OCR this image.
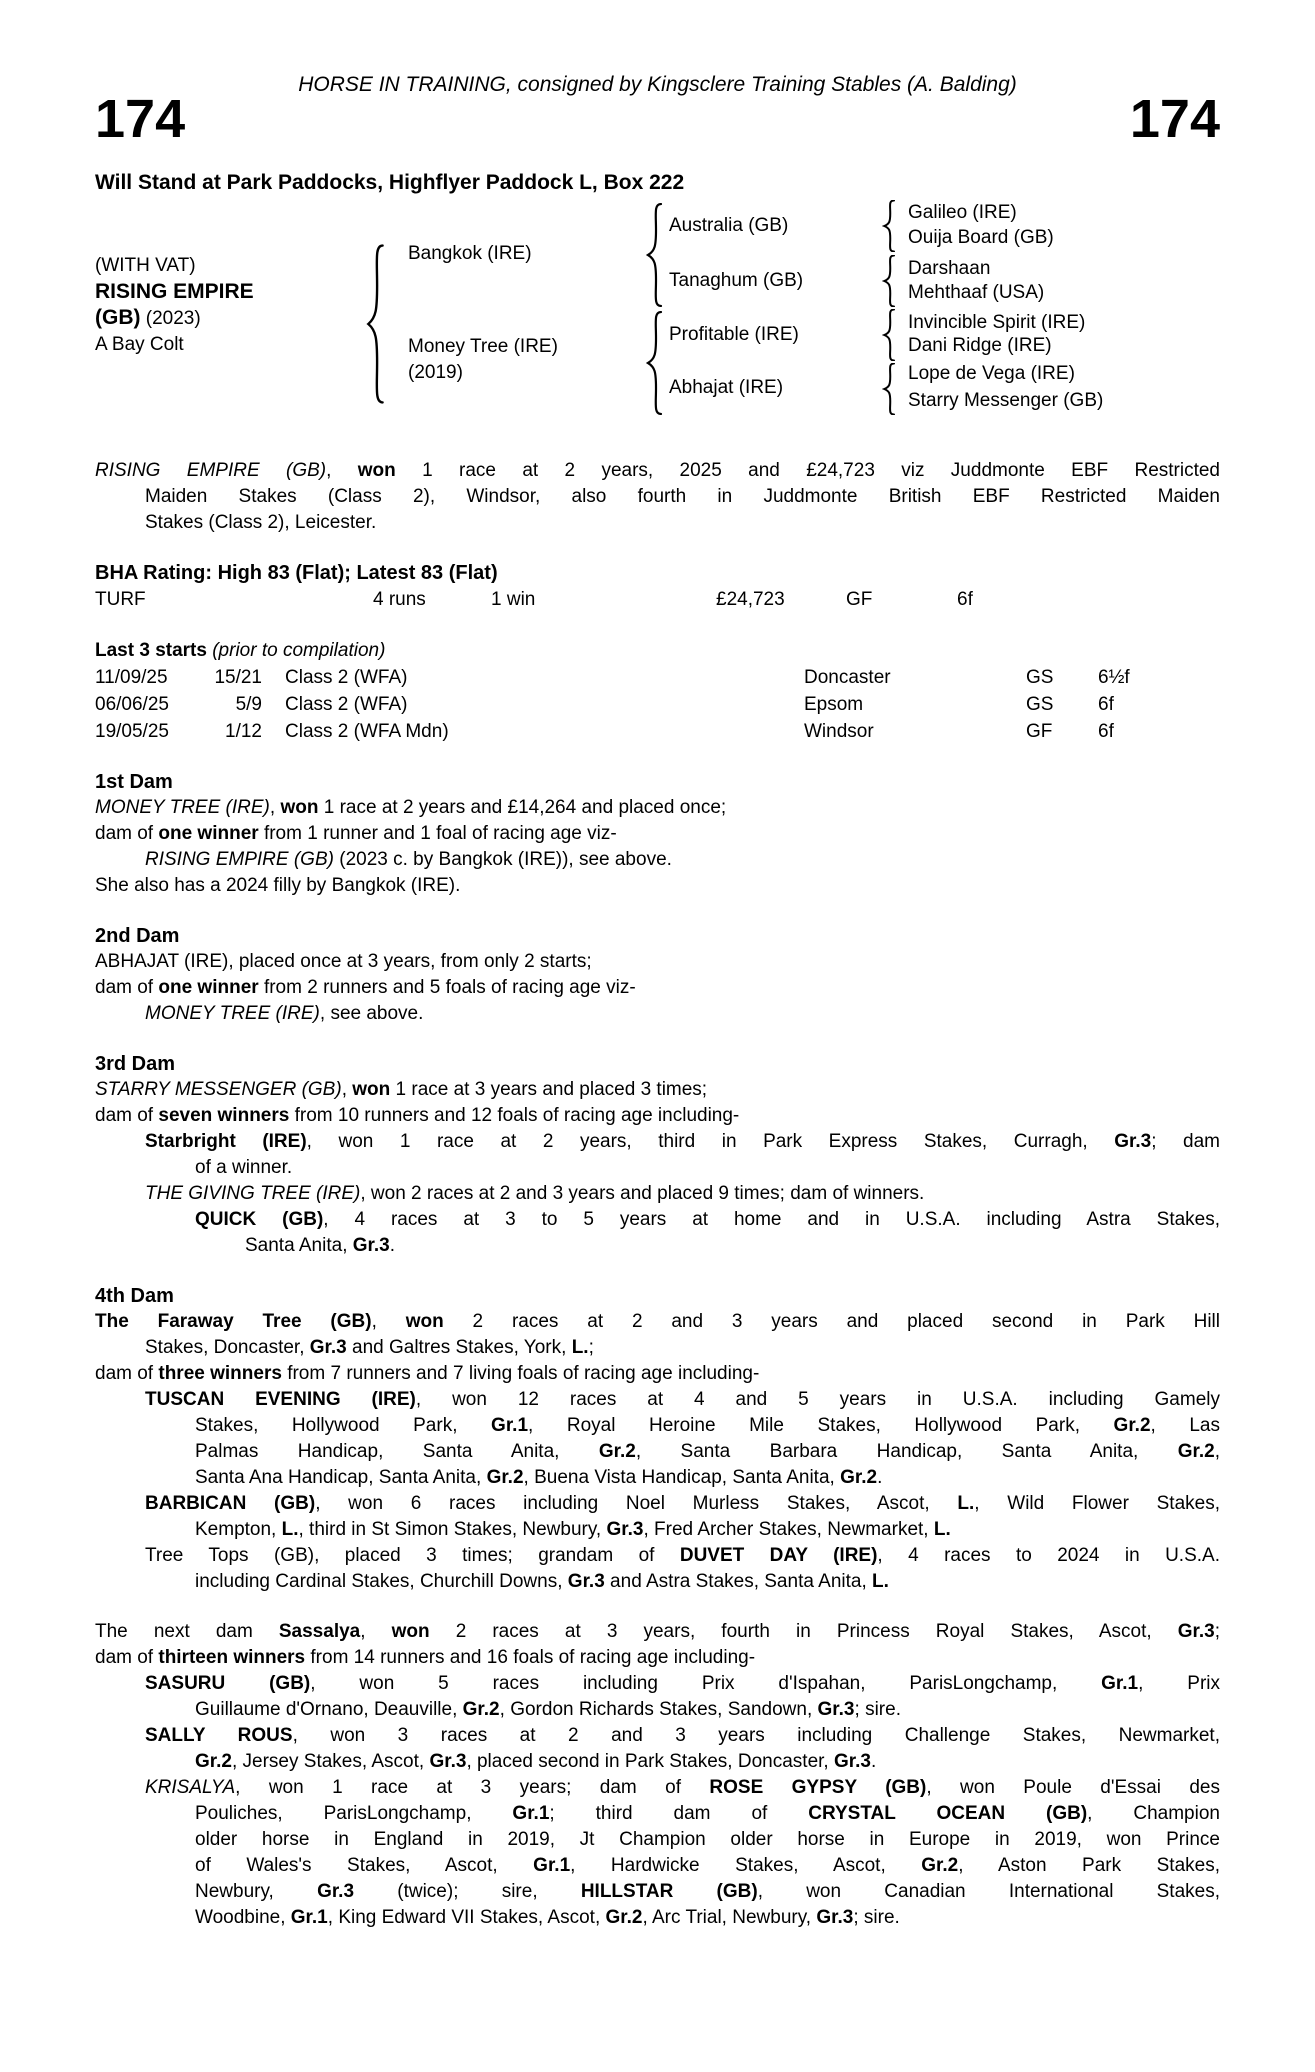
HORSE IN TRAINING, consigned by Kingsclere Training Stables (A. Balding)
174	174
Will Stand at Park Paddocks, Highflyer Paddock L, Box 222
(WITH VAT)
RISING EMPIRE
(GB) (2023)
A Bay Colt
Bangkok (IRE)
Money Tree (IRE)
(2019)
Australia (GB)
Tanaghum (GB)
Profitable (IRE)
Abhajat (IRE)
Galileo (IRE)
Ouija Board (GB)
Darshaan
Mehthaaf (USA)
Invincible Spirit (IRE)
Dani Ridge (IRE)
Lope de Vega (IRE)
Starry Messenger (GB)
RISING EMPIRE (GB), won 1 race at 2 years, 2025 and £24,723 viz Juddmonte EBF Restricted
Maiden Stakes (Class 2), Windsor, also fourth in Juddmonte British EBF Restricted Maiden
Stakes (Class 2), Leicester.
BHA Rating: High 83 (Flat); Latest 83 (Flat)
TURF	4 runs	1 win	£24,723	GF	6f
Last 3 starts (prior to compilation)
11/09/25	15/21 Class 2 (WFA)	Doncaster	GS 6½f
06/06/25	5/9 Class 2 (WFA)	Epsom	GS 6f
19/05/25	1/12 Class 2 (WFA Mdn)	Windsor	GF 6f
1st Dam
MONEY TREE (IRE), won 1 race at 2 years and £14,264 and placed once;
dam of one winner from 1 runner and 1 foal of racing age viz-
RISING EMPIRE (GB) (2023 c. by Bangkok (IRE)), see above.
She also has a 2024 filly by Bangkok (IRE).
2nd Dam
ABHAJAT (IRE), placed once at 3 years, from only 2 starts;
dam of one winner from 2 runners and 5 foals of racing age viz-
MONEY TREE (IRE), see above.
3rd Dam
STARRY MESSENGER (GB), won 1 race at 3 years and placed 3 times;
dam of seven winners from 10 runners and 12 foals of racing age including-
Starbright (IRE), won 1 race at 2 years, third in Park Express Stakes, Curragh, Gr.3; dam
of a winner.
THE GIVING TREE (IRE), won 2 races at 2 and 3 years and placed 9 times; dam of winners.
QUICK (GB), 4 races at 3 to 5 years at home and in U.S.A. including Astra Stakes,
Santa Anita, Gr.3.
4th Dam
The Faraway Tree (GB), won 2 races at 2 and 3 years and placed second in Park Hill
Stakes, Doncaster, Gr.3 and Galtres Stakes, York, L.;
dam of three winners from 7 runners and 7 living foals of racing age including-
TUSCAN EVENING (IRE), won 12 races at 4 and 5 years in U.S.A. including Gamely
Stakes, Hollywood Park, Gr.1, Royal Heroine Mile Stakes, Hollywood Park, Gr.2, Las
Palmas Handicap, Santa Anita, Gr.2, Santa Barbara Handicap, Santa Anita, Gr.2,
Santa Ana Handicap, Santa Anita, Gr.2, Buena Vista Handicap, Santa Anita, Gr.2.
BARBICAN (GB), won 6 races including Noel Murless Stakes, Ascot, L., Wild Flower Stakes,
Kempton, L., third in St Simon Stakes, Newbury, Gr.3, Fred Archer Stakes, Newmarket, L.
Tree Tops (GB), placed 3 times; grandam of DUVET DAY (IRE), 4 races to 2024 in U.S.A.
including Cardinal Stakes, Churchill Downs, Gr.3 and Astra Stakes, Santa Anita, L.
The next dam Sassalya, won 2 races at 3 years, fourth in Princess Royal Stakes, Ascot, Gr.3;
dam of thirteen winners from 14 runners and 16 foals of racing age including-
SASURU (GB), won 5 races including Prix d'Ispahan, ParisLongchamp, Gr.1, Prix
Guillaume d'Ornano, Deauville, Gr.2, Gordon Richards Stakes, Sandown, Gr.3; sire.
SALLY ROUS, won 3 races at 2 and 3 years including Challenge Stakes, Newmarket,
Gr.2, Jersey Stakes, Ascot, Gr.3, placed second in Park Stakes, Doncaster, Gr.3.
KRISALYA, won 1 race at 3 years; dam of ROSE GYPSY (GB), won Poule d'Essai des
Pouliches, ParisLongchamp, Gr.1; third dam of CRYSTAL OCEAN (GB), Champion
older horse in England in 2019, Jt Champion older horse in Europe in 2019, won Prince
of Wales's Stakes, Ascot, Gr.1, Hardwicke Stakes, Ascot, Gr.2, Aston Park Stakes,
Newbury, Gr.3 (twice); sire, HILLSTAR (GB), won Canadian International Stakes,
Woodbine, Gr.1, King Edward VII Stakes, Ascot, Gr.2, Arc Trial, Newbury, Gr.3; sire.
